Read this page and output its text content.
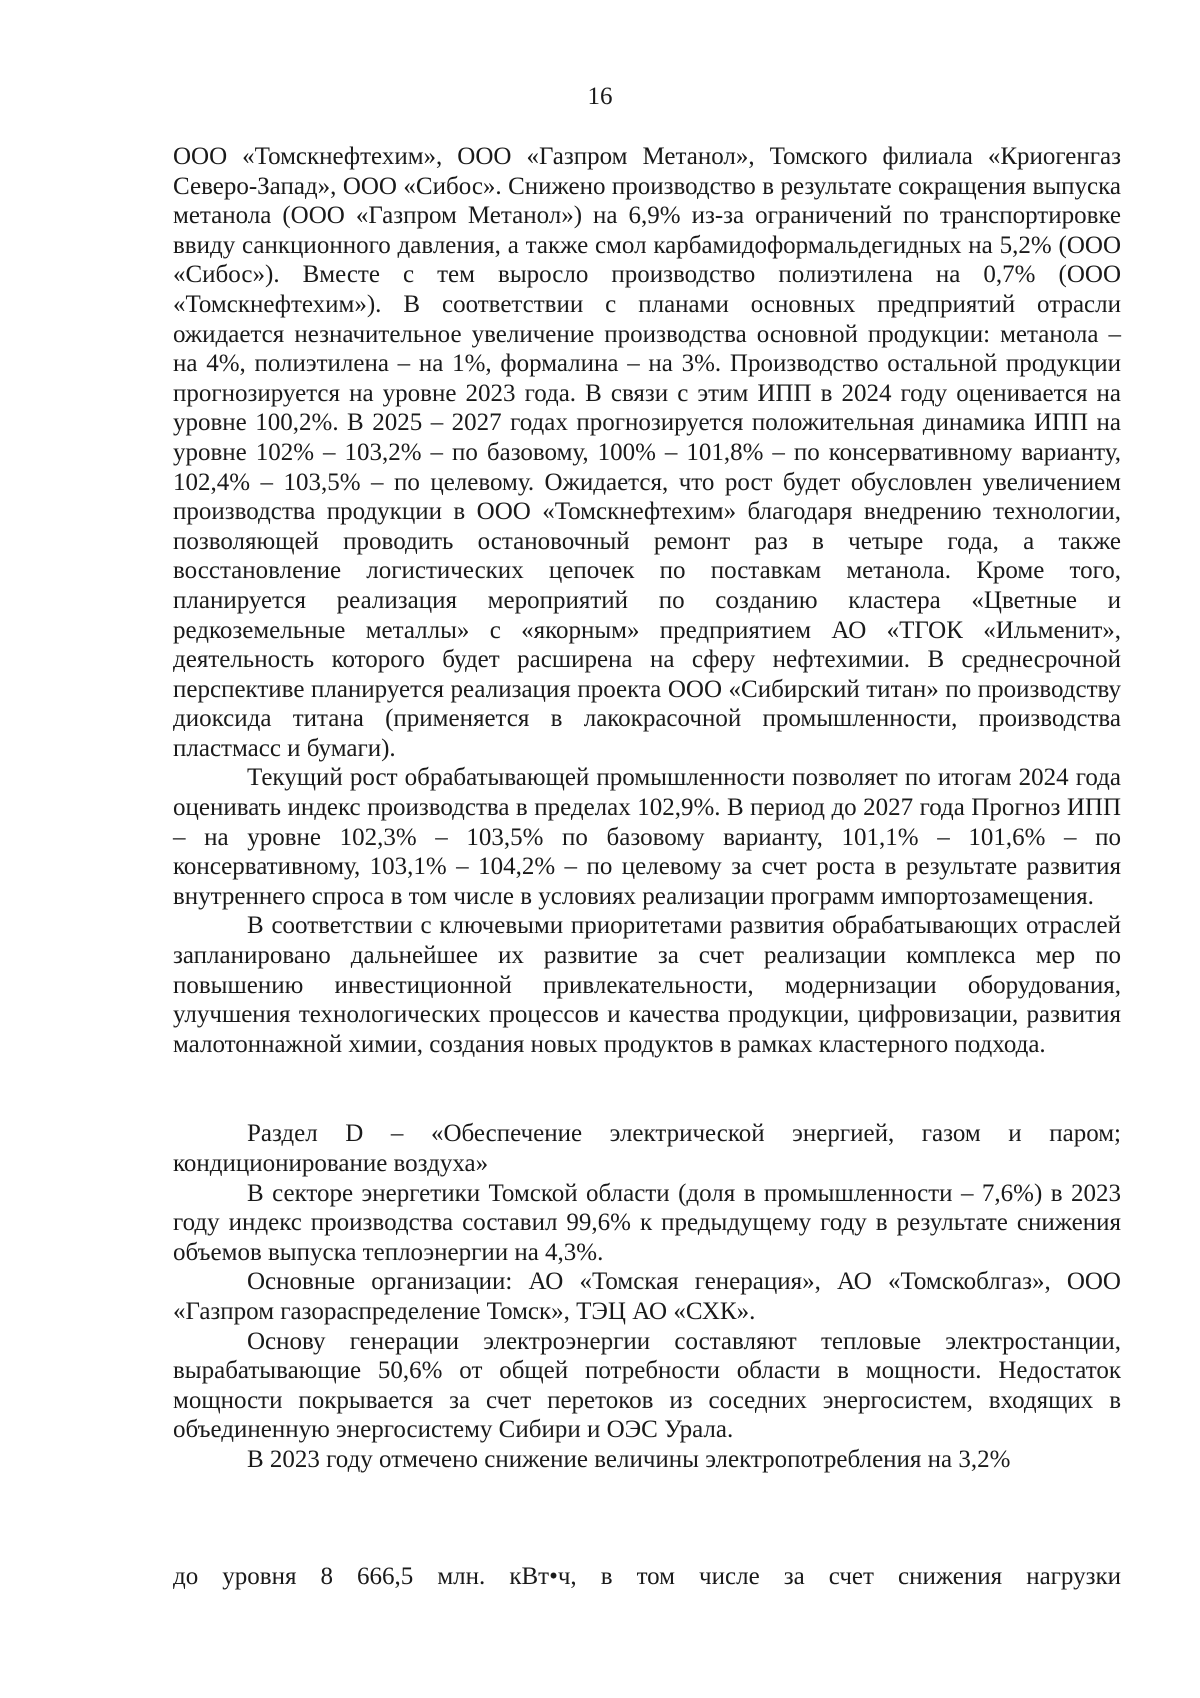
16

ООО «Томскнефтехим», ООО «Газпром Метанол», Томского филиала «Криогенгаз Северо-Запад», ООО «Сибос». Снижено производство в результате сокращения выпуска метанола (ООО «Газпром Метанол») на 6,9% из-за ограничений по транспортировке ввиду санкционного давления, а также смол карбамидоформальдегидных на 5,2% (ООО «Сибос»). Вместе с тем выросло производство полиэтилена на 0,7% (ООО «Томскнефтехим»). В соответствии с планами основных предприятий отрасли ожидается незначительное увеличение производства основной продукции: метанола – на 4%, полиэтилена – на 1%, формалина – на 3%. Производство остальной продукции прогнозируется на уровне 2023 года. В связи с этим ИПП в 2024 году оценивается на уровне 100,2%. В 2025 – 2027 годах прогнозируется положительная динамика ИПП на уровне 102% – 103,2% – по базовому, 100% – 101,8% – по консервативному варианту, 102,4% – 103,5% – по целевому. Ожидается, что рост будет обусловлен увеличением производства продукции в ООО «Томскнефтехим» благодаря внедрению технологии, позволяющей проводить остановочный ремонт раз в четыре года, а также восстановление логистических цепочек по поставкам метанола. Кроме того, планируется реализация мероприятий по созданию кластера «Цветные и редкоземельные металлы» с «якорным» предприятием АО «ТГОК «Ильменит», деятельность которого будет расширена на сферу нефтехимии. В среднесрочной перспективе планируется реализация проекта ООО «Сибирский титан» по производству диоксида титана (применяется в лакокрасочной промышленности, производства пластмасс и бумаги).

Текущий рост обрабатывающей промышленности позволяет по итогам 2024 года оценивать индекс производства в пределах 102,9%. В период до 2027 года Прогноз ИПП – на уровне 102,3% – 103,5% по базовому варианту, 101,1% – 101,6% – по консервативному, 103,1% – 104,2% – по целевому за счет роста в результате развития внутреннего спроса в том числе в условиях реализации программ импортозамещения.

В соответствии с ключевыми приоритетами развития обрабатывающих отраслей запланировано дальнейшее их развитие за счет реализации комплекса мер по повышению инвестиционной привлекательности, модернизации оборудования, улучшения технологических процессов и качества продукции, цифровизации, развития малотоннажной химии, создания новых продуктов в рамках кластерного подхода.

Раздел D – «Обеспечение электрической энергией, газом и паром; кондиционирование воздуха»

В секторе энергетики Томской области (доля в промышленности – 7,6%) в 2023 году индекс производства составил 99,6% к предыдущему году в результате снижения объемов выпуска теплоэнергии на 4,3%.

Основные организации: АО «Томская генерация», АО «Томскоблгаз», ООО «Газпром газораспределение Томск», ТЭЦ АО «СХК».

Основу генерации электроэнергии составляют тепловые электростанции, вырабатывающие 50,6% от общей потребности области в мощности. Недостаток мощности покрывается за счет перетоков из соседних энергосистем, входящих в объединенную энергосистему Сибири и ОЭС Урала.

В 2023 году отмечено снижение величины электропотребления на 3,2%

до уровня 8 666,5 млн. кВт•ч, в том числе за счет снижения нагрузки
